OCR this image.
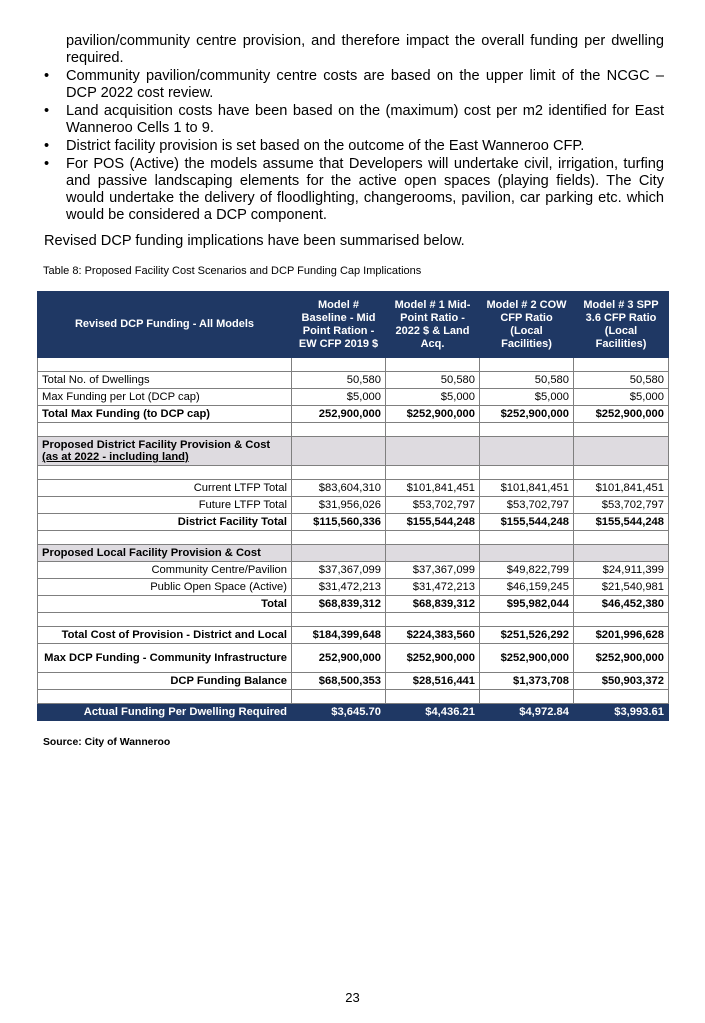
pavilion/community centre provision, and therefore impact the overall funding per dwelling required.
•	Community pavilion/community centre costs are based on the upper limit of the NCGC – DCP 2022 cost review.
•	Land acquisition costs have been based on the (maximum) cost per m2 identified for East Wanneroo Cells 1 to 9.
•	District facility provision is set based on the outcome of the East Wanneroo CFP.
•	For POS (Active) the models assume that Developers will undertake civil, irrigation, turfing and passive landscaping elements for the active open spaces (playing fields). The City would undertake the delivery of floodlighting, changerooms, pavilion, car parking etc. which would be considered a DCP component.
Revised DCP funding implications have been summarised below.
Table 8: Proposed Facility Cost Scenarios and DCP Funding Cap Implications
Revised DCP Funding - All Models	Model # Baseline - Mid Point Ration - EW CFP 2019 $	Model # 1 Mid-Point Ratio - 2022 $ & Land Acq.	Model # 2 COW CFP Ratio (Local Facilities)	Model # 3 SPP 3.6 CFP Ratio (Local Facilities)

Total No. of Dwellings	50,580	50,580	50,580	50,580
Max Funding per Lot (DCP cap)	$5,000	$5,000	$5,000	$5,000
Total Max Funding (to DCP cap)	252,900,000	$252,900,000	$252,900,000	$252,900,000

Proposed District Facility Provision & Cost
(as at 2022 - including land)				

Current LTFP Total	$83,604,310	$101,841,451	$101,841,451	$101,841,451
Future LTFP Total	$31,956,026	$53,702,797	$53,702,797	$53,702,797
District Facility Total	$115,560,336	$155,544,248	$155,544,248	$155,544,248

Proposed Local Facility Provision & Cost				
Community Centre/Pavilion	$37,367,099	$37,367,099	$49,822,799	$24,911,399
Public Open Space (Active)	$31,472,213	$31,472,213	$46,159,245	$21,540,981
Total	$68,839,312	$68,839,312	$95,982,044	$46,452,380

Total Cost of Provision - District and Local	$184,399,648	$224,383,560	$251,526,292	$201,996,628
Max DCP Funding - Community Infrastructure	252,900,000	$252,900,000	$252,900,000	$252,900,000
DCP Funding Balance	$68,500,353	$28,516,441	$1,373,708	$50,903,372

Actual Funding Per Dwelling Required	$3,645.70	$4,436.21	$4,972.84	$3,993.61
Source: City of Wanneroo
23
